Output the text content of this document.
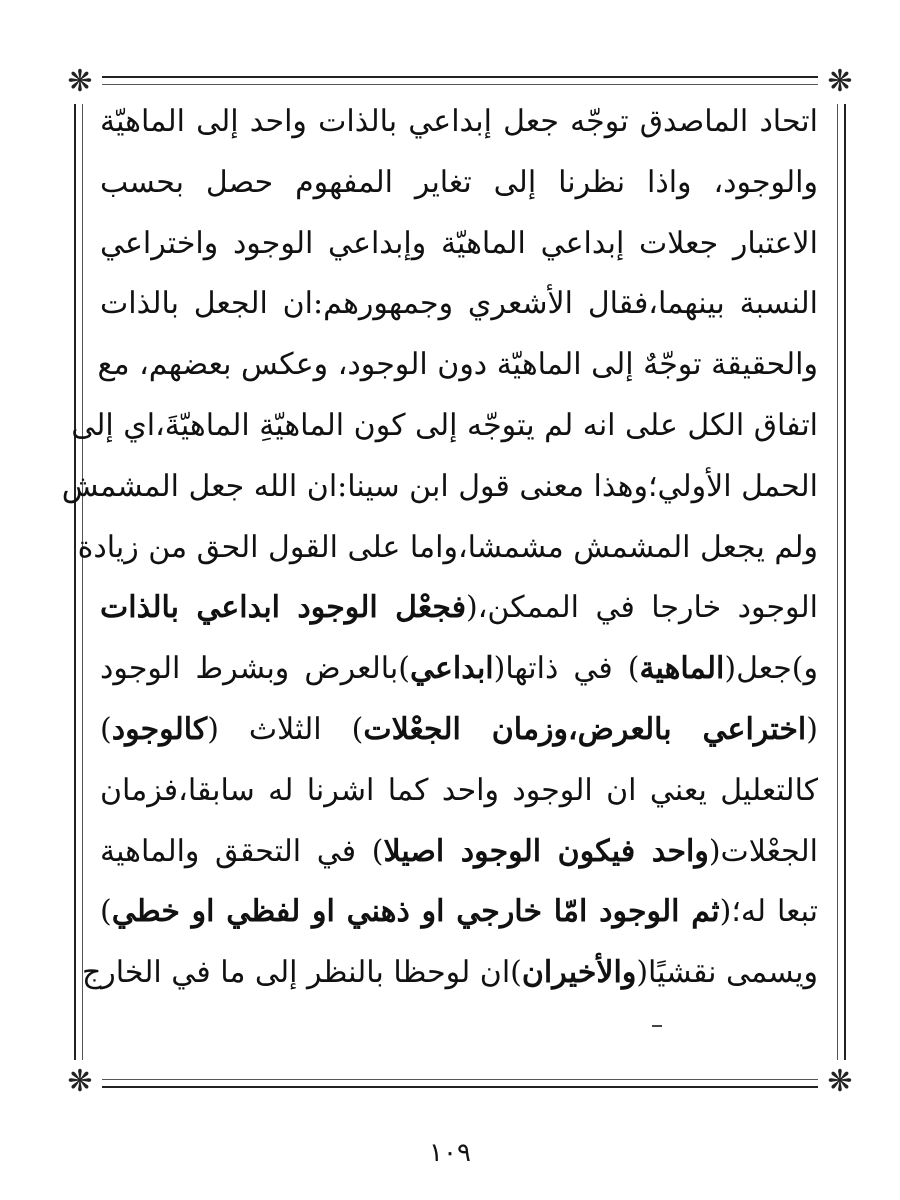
❋	❋
❋	❋
اتحاد الماصدق توجّه جعل إبداعي بالذات واحد إلى الماهيّة
والوجود، واذا نظرنا إلى تغاير المفهوم حصل بحسب
الاعتبار جعلات إبداعي الماهيّة وإبداعي الوجود واختراعي
النسبة بينهما،فقال الأشعري وجمهورهم:ان الجعل بالذات
والحقيقة توجّهٌ إلى الماهيّة دون الوجود، وعكس بعضهم، مع
اتفاق الكل على انه لم يتوجّه إلى كون الماهيّةِ الماهيّةَ،اي إلى
الحمل الأولي؛وهذا معنى قول ابن سينا:ان الله جعل المشمش
ولم يجعل المشمش مشمشا،واما على القول الحق من زيادة
الوجود خارجا في الممكن،(فجعْل الوجود ابداعي بالذات
و)جعل(الماهية) في ذاتها(ابداعي)بالعرض وبشرط الوجود
(اختراعي بالعرض،وزمان الجعْلات) الثلاث (كالوجود)
كالتعليل يعني ان الوجود واحد كما اشرنا له سابقا،فزمان
الجعْلات(واحد فيكون الوجود اصيلا) في التحقق والماهية
تبعا له؛(ثم الوجود امّا خارجي او ذهني او لفظي او خطي)
ويسمى نقشيًا(والأخيران)ان لوحظا بالنظر إلى ما في الخارج
١٠٩
